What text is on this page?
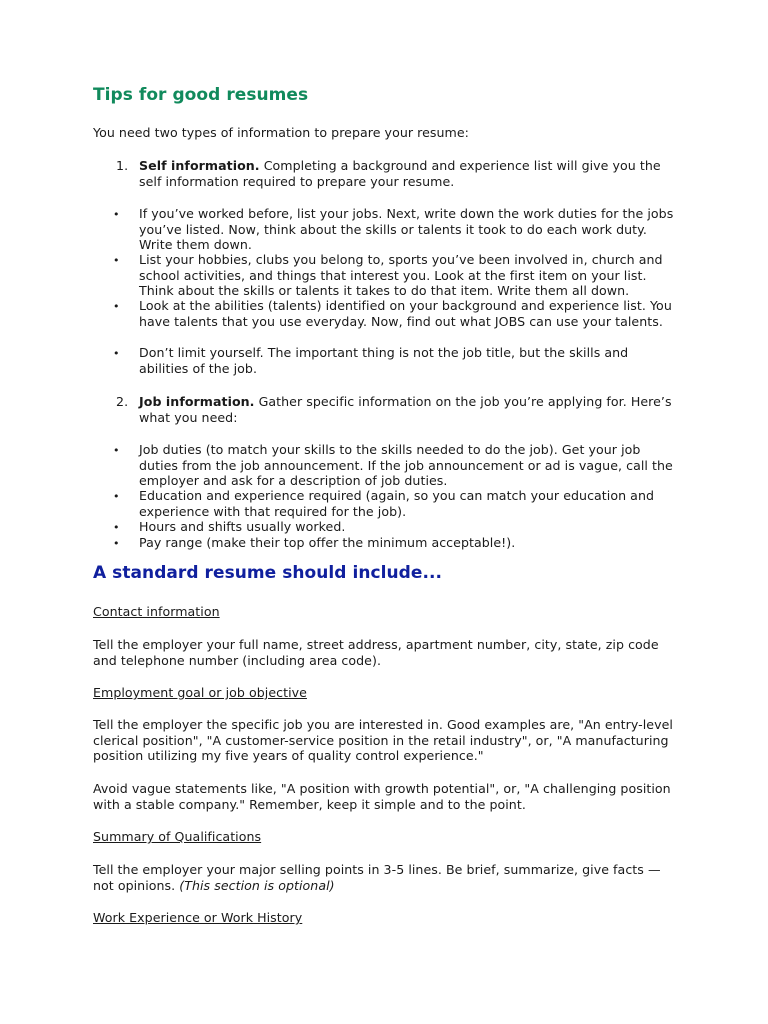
Tips for good resumes
You need two types of information to prepare your resume:
1. Self information. Completing a background and experience list will give you the self information required to prepare your resume.
• If you’ve worked before, list your jobs. Next, write down the work duties for the jobs you’ve listed. Now, think about the skills or talents it took to do each work duty. Write them down.
• List your hobbies, clubs you belong to, sports you’ve been involved in, church and school activities, and things that interest you. Look at the first item on your list. Think about the skills or talents it takes to do that item. Write them all down.
• Look at the abilities (talents) identified on your background and experience list. You have talents that you use everyday. Now, find out what JOBS can use your talents.
• Don’t limit yourself. The important thing is not the job title, but the skills and abilities of the job.
2. Job information. Gather specific information on the job you’re applying for. Here’s what you need:
• Job duties (to match your skills to the skills needed to do the job). Get your job duties from the job announcement. If the job announcement or ad is vague, call the employer and ask for a description of job duties.
• Education and experience required (again, so you can match your education and experience with that required for the job).
• Hours and shifts usually worked.
• Pay range (make their top offer the minimum acceptable!).
A standard resume should include...
Contact information
Tell the employer your full name, street address, apartment number, city, state, zip code and telephone number (including area code).
Employment goal or job objective
Tell the employer the specific job you are interested in. Good examples are, "An entry-level clerical position", "A customer-service position in the retail industry", or, "A manufacturing position utilizing my five years of quality control experience."
Avoid vague statements like, "A position with growth potential", or, "A challenging position with a stable company." Remember, keep it simple and to the point.
Summary of Qualifications
Tell the employer your major selling points in 3-5 lines. Be brief, summarize, give facts — not opinions. (This section is optional)
Work Experience or Work History
